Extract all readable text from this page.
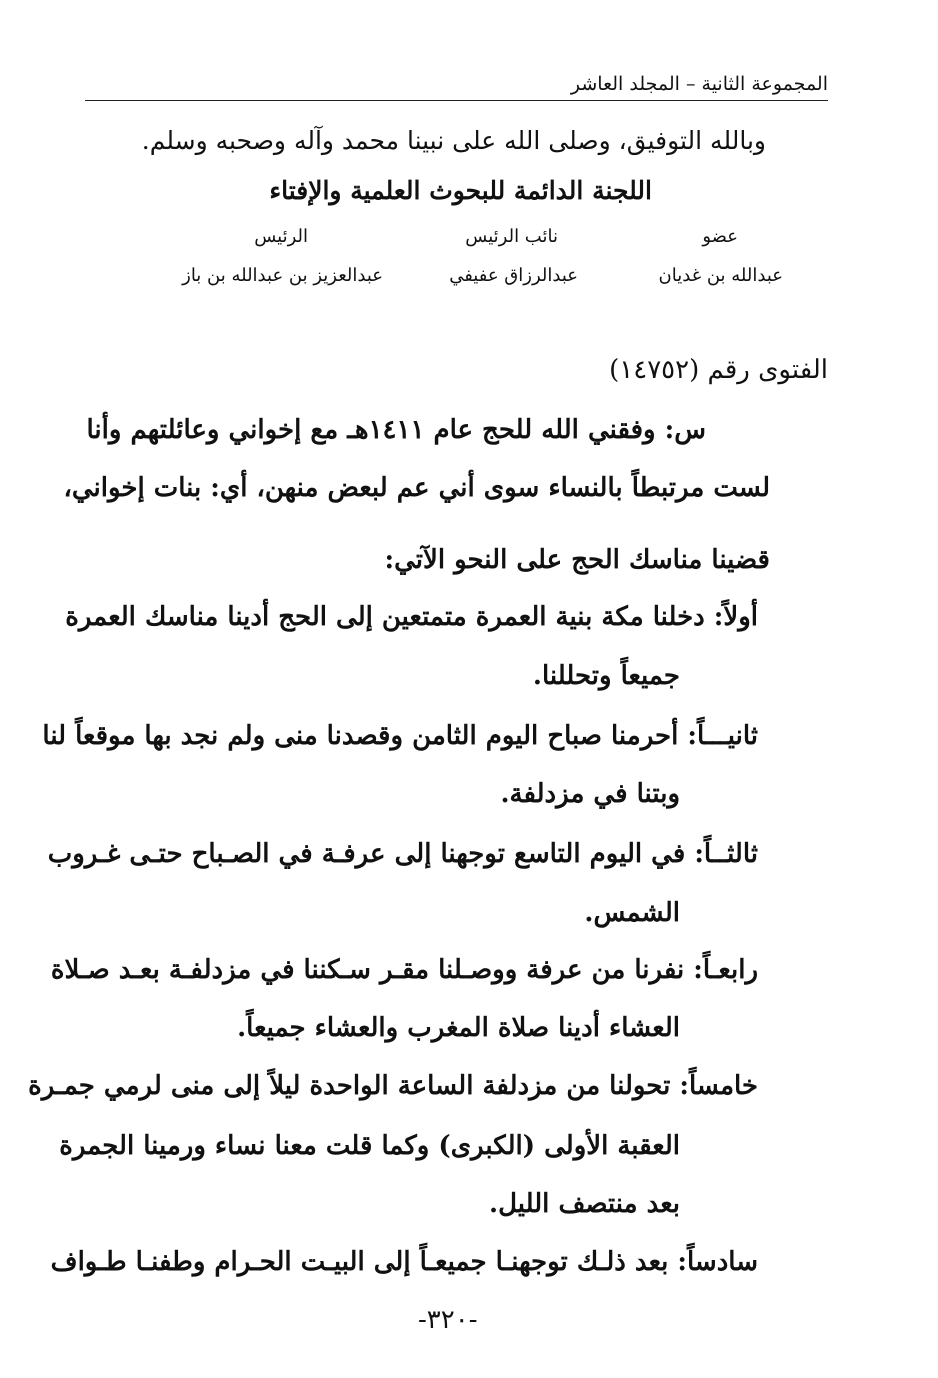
المجموعة الثانية – المجلد العاشر
وبالله التوفيق، وصلى الله على نبينا محمد وآله وصحبه وسلم.
اللجنة الدائمة للبحوث العلمية والإفتاء
عضو
نائب الرئيس
الرئيس
عبدالله بن غديان
عبدالرزاق عفيفي
عبدالعزيز بن عبدالله بن باز
الفتوى رقم (١٤٧٥٢)
س: وفقني الله للحج عام ١٤١١هـ مع إخواني وعائلتهم وأنا
لست مرتبطاً بالنساء سوى أني عم لبعض منهن، أي: بنات إخواني،
قضينا مناسك الحج على النحو الآتي:
أولاً: دخلنا مكة بنية العمرة متمتعين إلى الحج أدينا مناسك العمرة
جميعاً وتحللنا.
ثانيـــاً: أحرمنا صباح اليوم الثامن وقصدنا منى ولم نجد بها موقعاً لنا
وبتنا في مزدلفة.
ثالثــاً: في اليوم التاسع توجهنا إلى عرفـة في الصـباح حتـى غـروب
الشمس.
رابعـاً: نفرنا من عرفة ووصـلنا مقـر سـكننا في مزدلفـة بعـد صـلاة
العشاء أدينا صلاة المغرب والعشاء جميعاً.
خامساً: تحولنا من مزدلفة الساعة الواحدة ليلاً إلى منى لرمي جمـرة
العقبة الأولى (الكبرى) وكما قلت معنا نساء ورمينا الجمرة
بعد منتصف الليل.
سادساً: بعد ذلـك توجهنـا جميعـاً إلى البيـت الحـرام وطفنـا طـواف
-٣٢٠-
